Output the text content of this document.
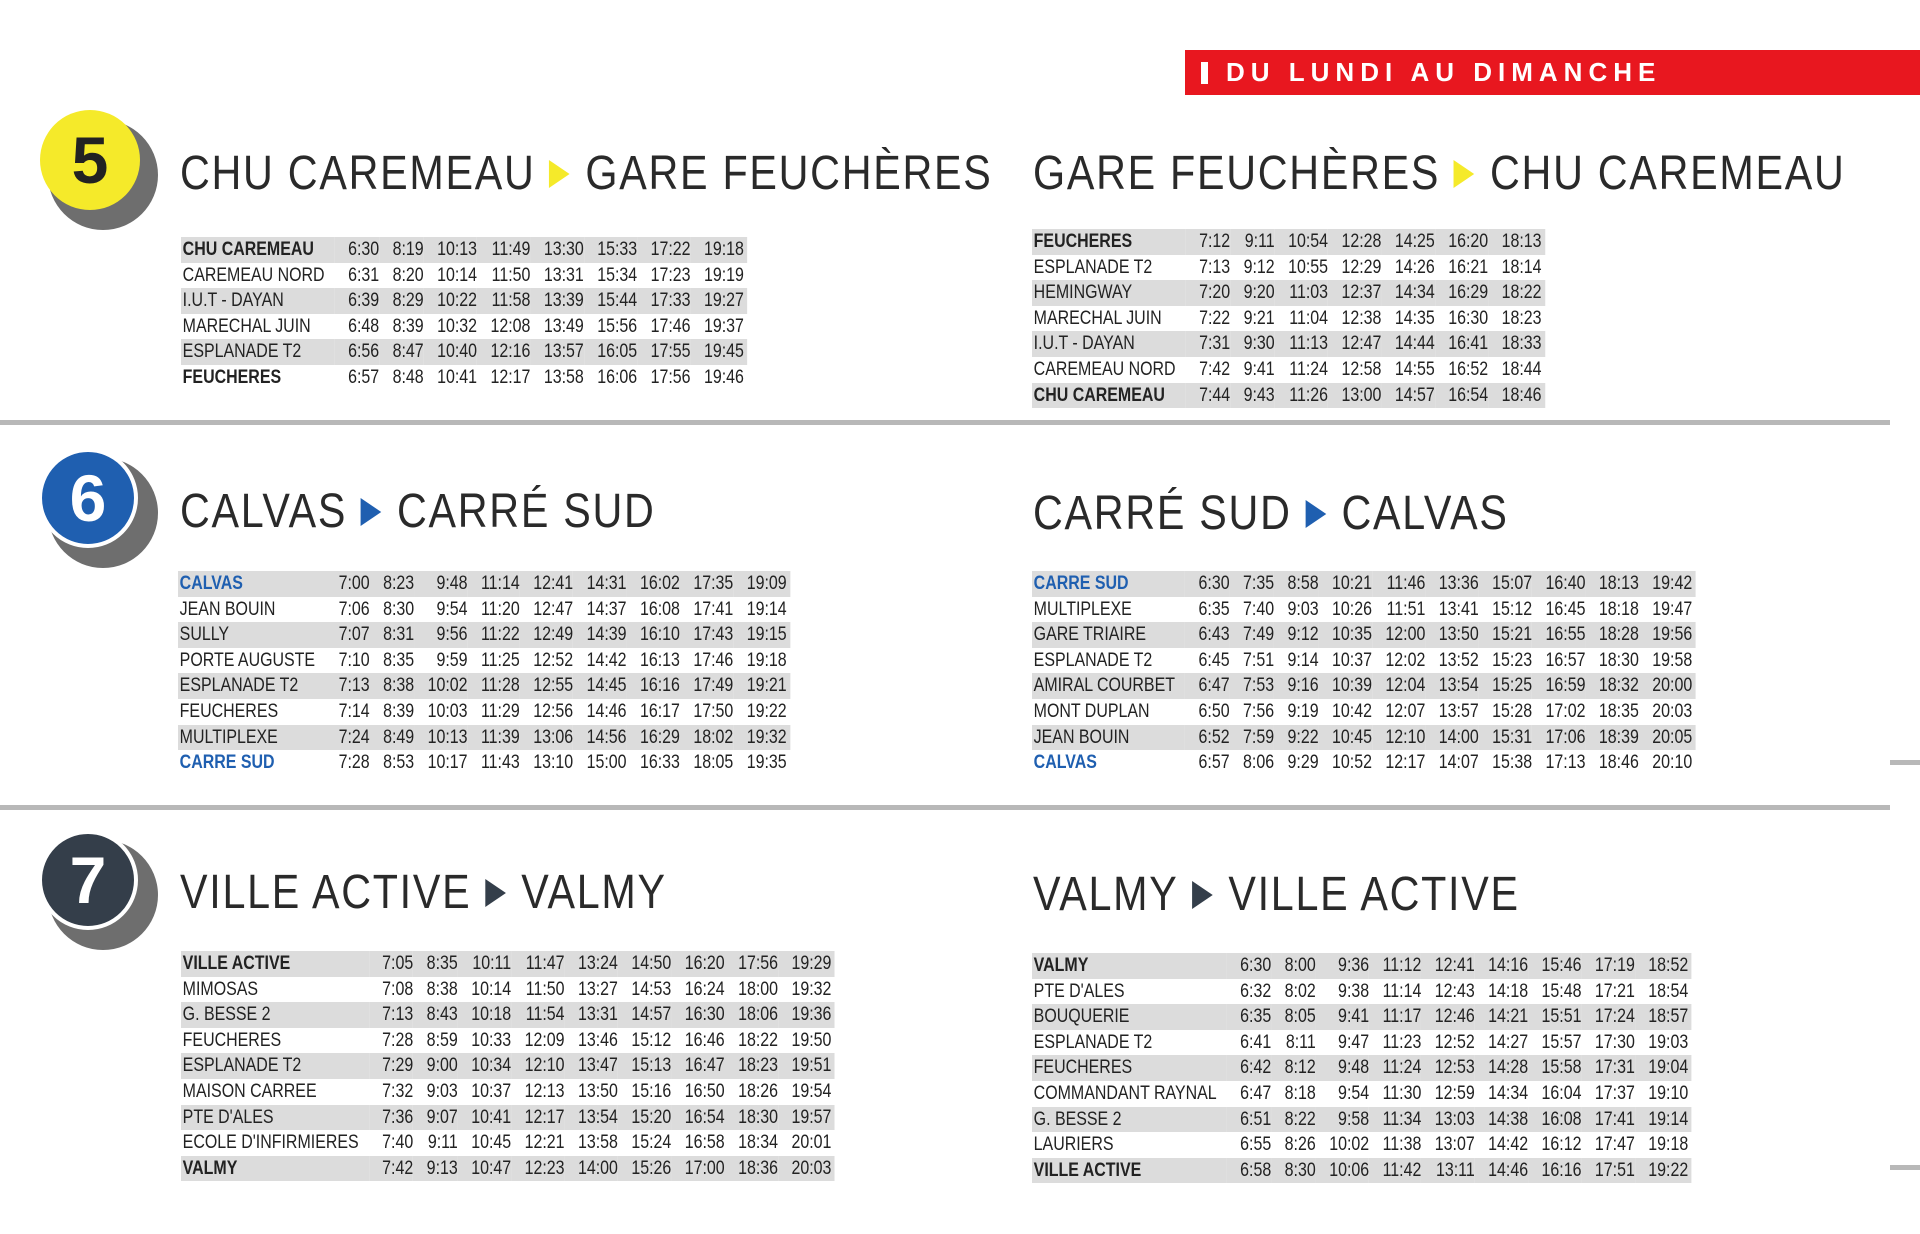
DU LUNDI AU DIMANCHE
5 CHU CAREMEAU GARE FEUCHÈRES GARE FEUCHÈRES CHU CAREMEAU
CHU CAREMEAU	6:30	8:19	10:13	11:49	13:30	15:33	17:22	19:18
CAREMEAU NORD	6:31	8:20	10:14	11:50	13:31	15:34	17:23	19:19
I.U.T - DAYAN	6:39	8:29	10:22	11:58	13:39	15:44	17:33	19:27
MARECHAL JUIN	6:48	8:39	10:32	12:08	13:49	15:56	17:46	19:37
ESPLANADE T2	6:56	8:47	10:40	12:16	13:57	16:05	17:55	19:45
FEUCHERES	6:57	8:48	10:41	12:17	13:58	16:06	17:56	19:46
FEUCHERES	7:12	9:11	10:54	12:28	14:25	16:20	18:13
ESPLANADE T2	7:13	9:12	10:55	12:29	14:26	16:21	18:14
HEMINGWAY	7:20	9:20	11:03	12:37	14:34	16:29	18:22
MARECHAL JUIN	7:22	9:21	11:04	12:38	14:35	16:30	18:23
I.U.T - DAYAN	7:31	9:30	11:13	12:47	14:44	16:41	18:33
CAREMEAU NORD	7:42	9:41	11:24	12:58	14:55	16:52	18:44
CHU CAREMEAU	7:44	9:43	11:26	13:00	14:57	16:54	18:46
6 CALVAS CARRÉ SUD	CARRÉ SUD CALVAS
CALVAS	7:00	8:23	9:48	11:14	12:41	14:31	16:02	17:35	19:09
JEAN BOUIN	7:06	8:30	9:54	11:20	12:47	14:37	16:08	17:41	19:14
SULLY	7:07	8:31	9:56	11:22	12:49	14:39	16:10	17:43	19:15
PORTE AUGUSTE	7:10	8:35	9:59	11:25	12:52	14:42	16:13	17:46	19:18
ESPLANADE T2	7:13	8:38	10:02	11:28	12:55	14:45	16:16	17:49	19:21
FEUCHERES	7:14	8:39	10:03	11:29	12:56	14:46	16:17	17:50	19:22
MULTIPLEXE	7:24	8:49	10:13	11:39	13:06	14:56	16:29	18:02	19:32
CARRE SUD	7:28	8:53	10:17	11:43	13:10	15:00	16:33	18:05	19:35
CARRE SUD	6:30	7:35	8:58	10:21	11:46	13:36	15:07	16:40	18:13	19:42
MULTIPLEXE	6:35	7:40	9:03	10:26	11:51	13:41	15:12	16:45	18:18	19:47
GARE TRIAIRE	6:43	7:49	9:12	10:35	12:00	13:50	15:21	16:55	18:28	19:56
ESPLANADE T2	6:45	7:51	9:14	10:37	12:02	13:52	15:23	16:57	18:30	19:58
AMIRAL COURBET	6:47	7:53	9:16	10:39	12:04	13:54	15:25	16:59	18:32	20:00
MONT DUPLAN	6:50	7:56	9:19	10:42	12:07	13:57	15:28	17:02	18:35	20:03
JEAN BOUIN	6:52	7:59	9:22	10:45	12:10	14:00	15:31	17:06	18:39	20:05
CALVAS	6:57	8:06	9:29	10:52	12:17	14:07	15:38	17:13	18:46	20:10
7 VILLE ACTIVE VALMY	VALMY VILLE ACTIVE
VILLE ACTIVE	7:05	8:35	10:11	11:47	13:24	14:50	16:20	17:56	19:29
MIMOSAS	7:08	8:38	10:14	11:50	13:27	14:53	16:24	18:00	19:32
G. BESSE 2	7:13	8:43	10:18	11:54	13:31	14:57	16:30	18:06	19:36
FEUCHERES	7:28	8:59	10:33	12:09	13:46	15:12	16:46	18:22	19:50
ESPLANADE T2	7:29	9:00	10:34	12:10	13:47	15:13	16:47	18:23	19:51
MAISON CARREE	7:32	9:03	10:37	12:13	13:50	15:16	16:50	18:26	19:54
PTE D'ALES	7:36	9:07	10:41	12:17	13:54	15:20	16:54	18:30	19:57
ECOLE D'INFIRMIERES	7:40	9:11	10:45	12:21	13:58	15:24	16:58	18:34	20:01
VALMY	7:42	9:13	10:47	12:23	14:00	15:26	17:00	18:36	20:03
VALMY	6:30	8:00	9:36	11:12	12:41	14:16	15:46	17:19	18:52
PTE D'ALES	6:32	8:02	9:38	11:14	12:43	14:18	15:48	17:21	18:54
BOUQUERIE	6:35	8:05	9:41	11:17	12:46	14:21	15:51	17:24	18:57
ESPLANADE T2	6:41	8:11	9:47	11:23	12:52	14:27	15:57	17:30	19:03
FEUCHERES	6:42	8:12	9:48	11:24	12:53	14:28	15:58	17:31	19:04
COMMANDANT RAYNAL	6:47	8:18	9:54	11:30	12:59	14:34	16:04	17:37	19:10
G. BESSE 2	6:51	8:22	9:58	11:34	13:03	14:38	16:08	17:41	19:14
LAURIERS	6:55	8:26	10:02	11:38	13:07	14:42	16:12	17:47	19:18
VILLE ACTIVE	6:58	8:30	10:06	11:42	13:11	14:46	16:16	17:51	19:22
